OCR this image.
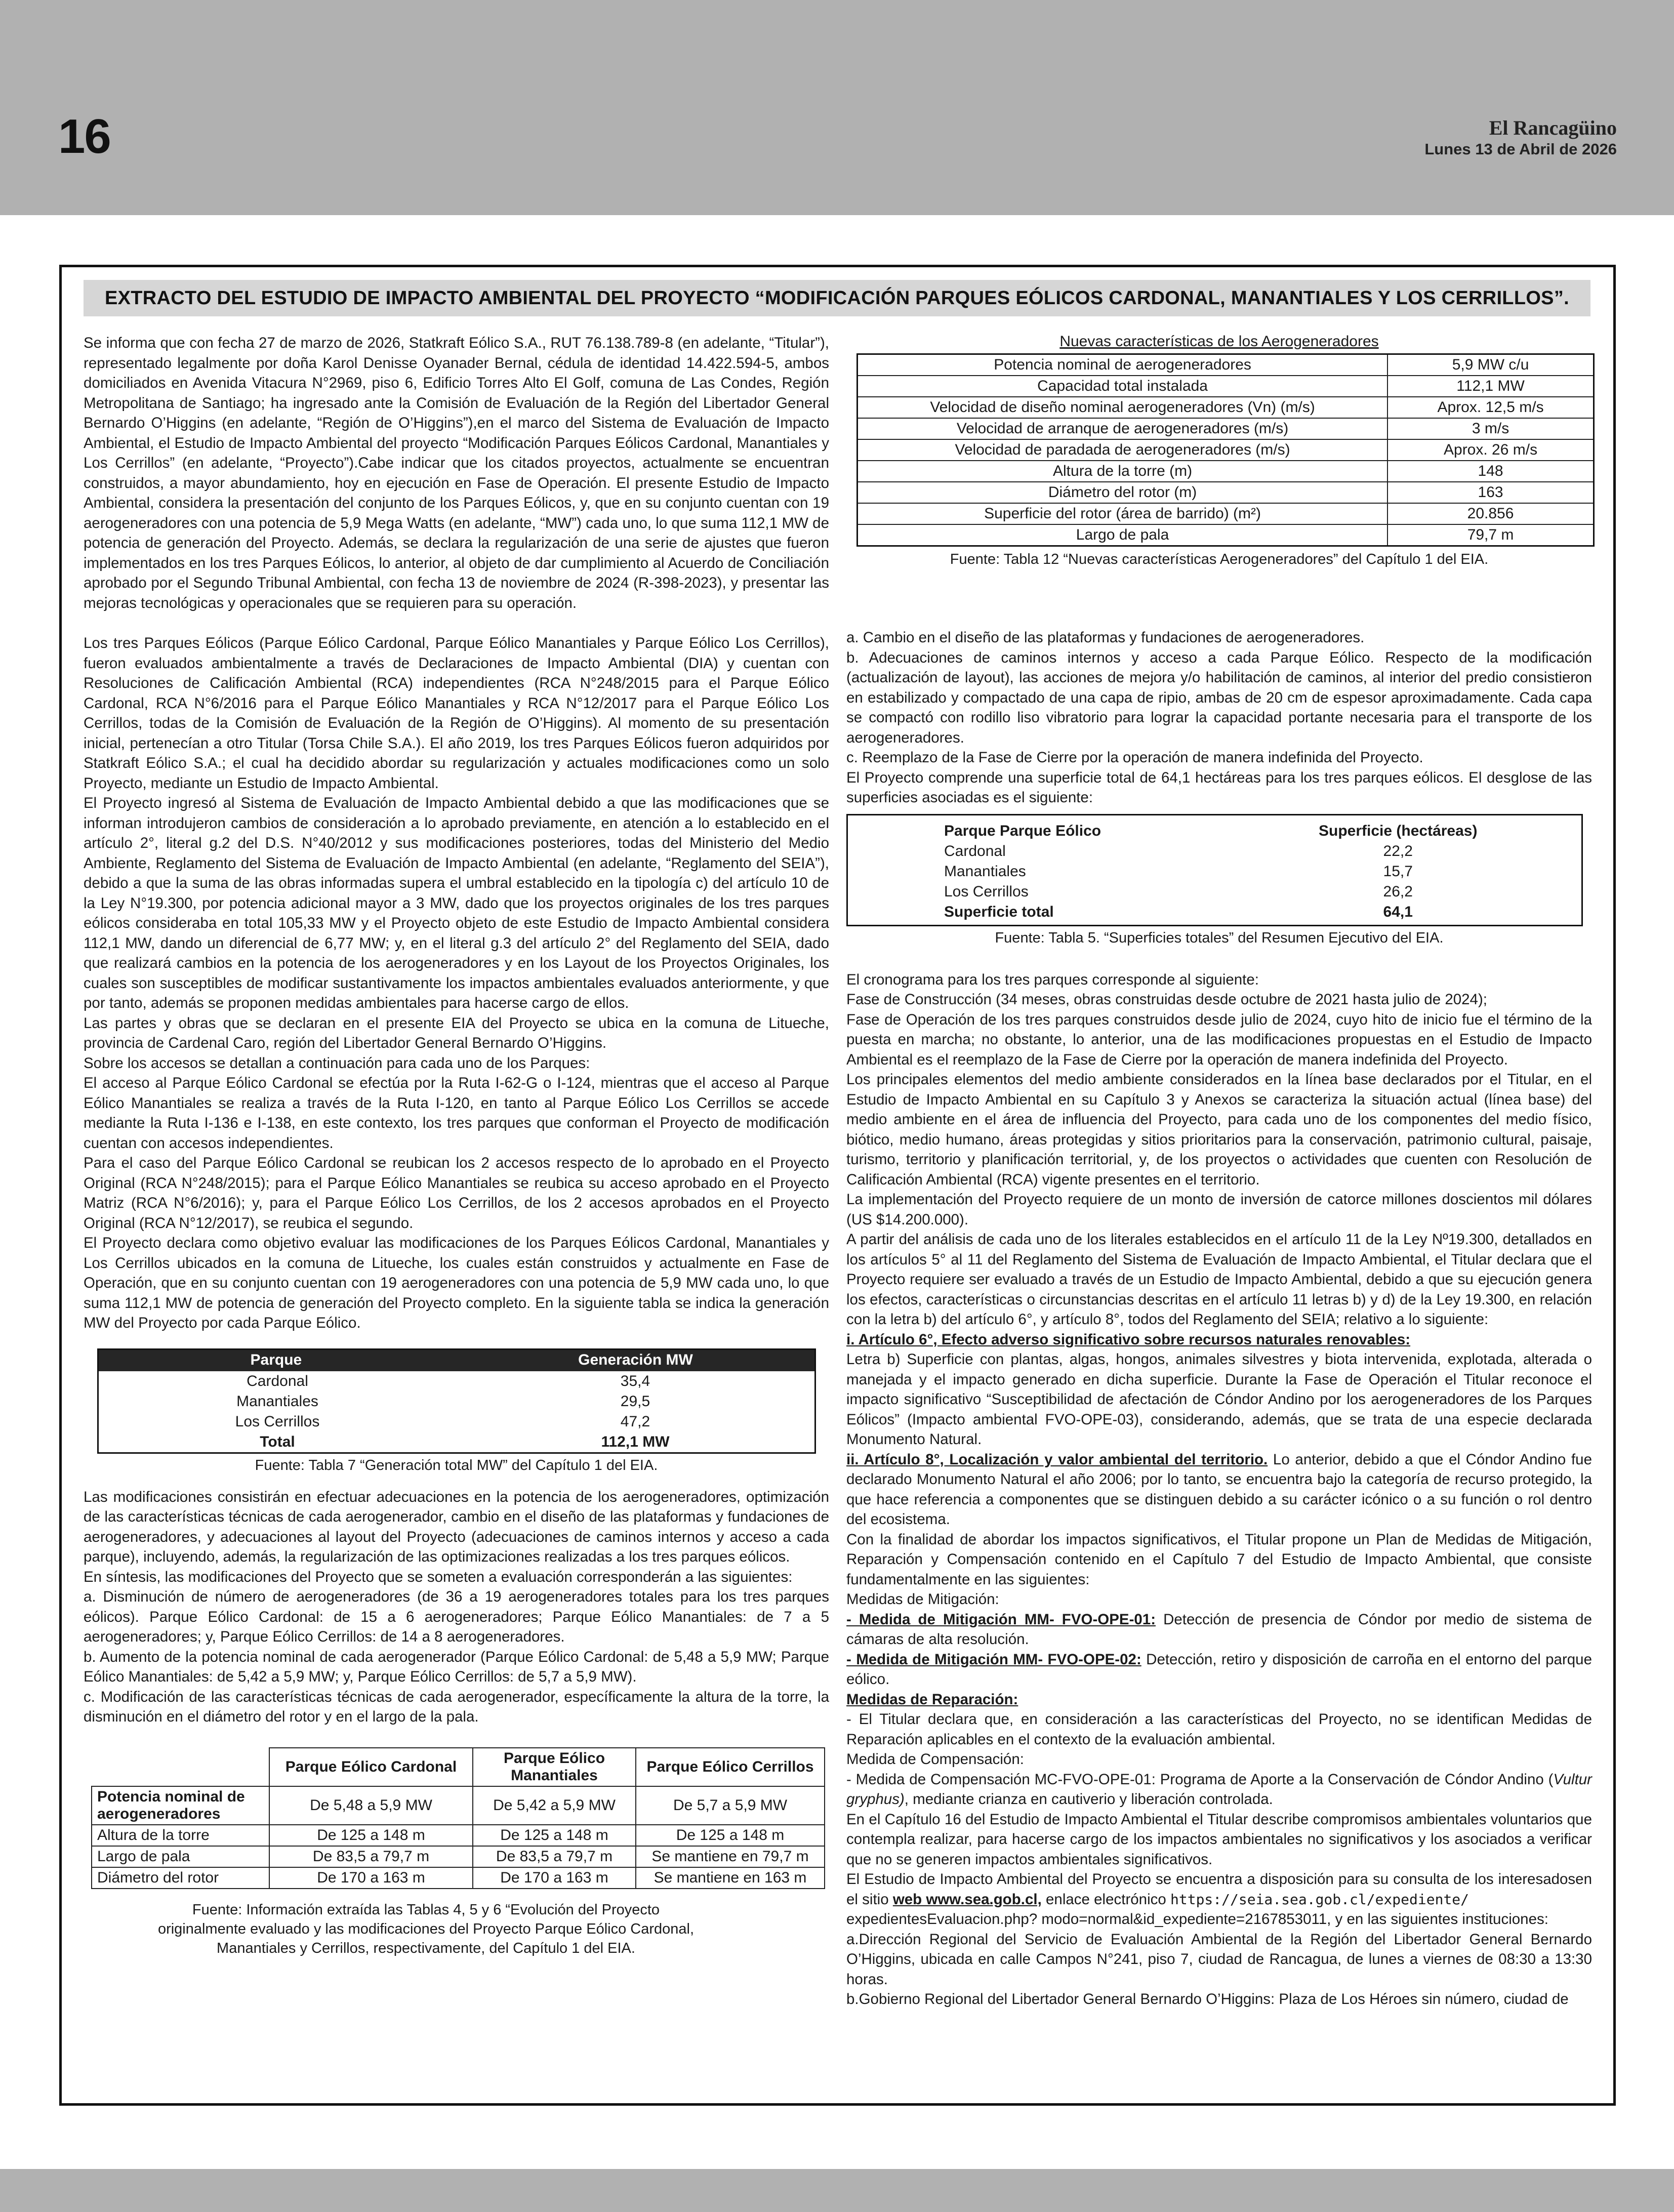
16	El Rancagüino
Lunes 13 de Abril de 2026
EXTRACTO DEL ESTUDIO DE IMPACTO AMBIENTAL DEL PROYECTO “MODIFICACIÓN PARQUES EÓLICOS CARDONAL, MANANTIALES Y LOS CERRILLOS”.

Se informa que con fecha 27 de marzo de 2026, Statkraft Eólico S.A., RUT 76.138.789-8 (en adelante, “Titular”), representado legalmente por doña Karol Denisse Oyanader Bernal, cédula de identidad 14.422.594-5, ambos domiciliados en Avenida Vitacura N°2969, piso 6, Edificio Torres Alto El Golf, comuna de Las Condes, Región Metropolitana de Santiago; ha ingresado ante la Comisión de Evaluación de la Región del Libertador General Bernardo O’Higgins (en adelante, “Región de O’Higgins”),en el marco del Sistema de Evaluación de Impacto Ambiental, el Estudio de Impacto Ambiental del proyecto “Modificación Parques Eólicos Cardonal, Manantiales y Los Cerrillos” (en adelante, “Proyecto”).Cabe indicar que los citados proyectos, actualmente se encuentran construidos, a mayor abundamiento, hoy en ejecución en Fase de Operación. El presente Estudio de Impacto Ambiental, considera la presentación del conjunto de los Parques Eólicos, y, que en su conjunto cuentan con 19 aerogeneradores con una potencia de 5,9 Mega Watts (en adelante, “MW”) cada uno, lo que suma 112,1 MW de potencia de generación del Proyecto. Además, se declara la regularización de una serie de ajustes que fueron implementados en los tres Parques Eólicos, lo anterior, al objeto de dar cumplimiento al Acuerdo de Conciliación aprobado por el Segundo Tribunal Ambiental, con fecha 13 de noviembre de 2024 (R-398-2023), y presentar las mejoras tecnológicas y operacionales que se requieren para su operación.

Los tres Parques Eólicos (Parque Eólico Cardonal, Parque Eólico Manantiales y Parque Eólico Los Cerrillos), fueron evaluados ambientalmente a través de Declaraciones de Impacto Ambiental (DIA) y cuentan con Resoluciones de Calificación Ambiental (RCA) independientes (RCA N°248/2015 para el Parque Eólico Cardonal, RCA N°6/2016 para el Parque Eólico Manantiales y RCA N°12/2017 para el Parque Eólico Los Cerrillos, todas de la Comisión de Evaluación de la Región de O’Higgins). Al momento de su presentación inicial, pertenecían a otro Titular (Torsa Chile S.A.). El año 2019, los tres Parques Eólicos fueron adquiridos por Statkraft Eólico S.A.; el cual ha decidido abordar su regularización y actuales modificaciones como un solo Proyecto, mediante un Estudio de Impacto Ambiental.

El Proyecto ingresó al Sistema de Evaluación de Impacto Ambiental debido a que las modificaciones que se informan introdujeron cambios de consideración a lo aprobado previamente, en atención a lo establecido en el artículo 2°, literal g.2 del D.S. N°40/2012 y sus modificaciones posteriores, todas del Ministerio del Medio Ambiente, Reglamento del Sistema de Evaluación de Impacto Ambiental (en adelante, “Reglamento del SEIA”), debido a que la suma de las obras informadas supera el umbral establecido en la tipología c) del artículo 10 de la Ley N°19.300, por potencia adicional mayor a 3 MW, dado que los proyectos originales de los tres parques eólicos consideraba en total 105,33 MW y el Proyecto objeto de este Estudio de Impacto Ambiental considera 112,1 MW, dando un diferencial de 6,77 MW; y, en el literal g.3 del artículo 2° del Reglamento del SEIA, dado que realizará cambios en la potencia de los aerogeneradores y en los Layout de los Proyectos Originales, los cuales son susceptibles de modificar sustantivamente los impactos ambientales evaluados anteriormente, y que por tanto, además se proponen medidas ambientales para hacerse cargo de ellos.

Las partes y obras que se declaran en el presente EIA del Proyecto se ubica en la comuna de Litueche, provincia de Cardenal Caro, región del Libertador General Bernardo O’Higgins.

Sobre los accesos se detallan a continuación para cada uno de los Parques:

El acceso al Parque Eólico Cardonal se efectúa por la Ruta I-62-G o I-124, mientras que el acceso al Parque Eólico Manantiales se realiza a través de la Ruta I-120, en tanto al Parque Eólico Los Cerrillos se accede mediante la Ruta I-136 e I-138, en este contexto, los tres parques que conforman el Proyecto de modificación cuentan con accesos independientes.

Para el caso del Parque Eólico Cardonal se reubican los 2 accesos respecto de lo aprobado en el Proyecto Original (RCA N°248/2015); para el Parque Eólico Manantiales se reubica su acceso aprobado en el Proyecto Matriz (RCA N°6/2016); y, para el Parque Eólico Los Cerrillos, de los 2 accesos aprobados en el Proyecto Original (RCA N°12/2017), se reubica el segundo.

El Proyecto declara como objetivo evaluar las modificaciones de los Parques Eólicos Cardonal, Manantiales y Los Cerrillos ubicados en la comuna de Litueche, los cuales están construidos y actualmente en Fase de Operación, que en su conjunto cuentan con 19 aerogeneradores con una potencia de 5,9 MW cada uno, lo que suma 112,1 MW de potencia de generación del Proyecto completo. En la siguiente tabla se indica la generación MW del Proyecto por cada Parque Eólico.

Parque	Generación MW
Cardonal	35,4
Manantiales	29,5
Los Cerrillos	47,2
Total	112,1 MW
Fuente: Tabla 7 “Generación total MW” del Capítulo 1 del EIA.

Las modificaciones consistirán en efectuar adecuaciones en la potencia de los aerogeneradores, optimización de las características técnicas de cada aerogenerador, cambio en el diseño de las plataformas y fundaciones de aerogeneradores, y adecuaciones al layout del Proyecto (adecuaciones de caminos internos y acceso a cada parque), incluyendo, además, la regularización de las optimizaciones realizadas a los tres parques eólicos.

En síntesis, las modificaciones del Proyecto que se someten a evaluación corresponderán a las siguientes:

a. Disminución de número de aerogeneradores (de 36 a 19 aerogeneradores totales para los tres parques eólicos). Parque Eólico Cardonal: de 15 a 6 aerogeneradores; Parque Eólico Manantiales: de 7 a 5 aerogeneradores; y, Parque Eólico Cerrillos: de 14 a 8 aerogeneradores.

b. Aumento de la potencia nominal de cada aerogenerador (Parque Eólico Cardonal: de 5,48 a 5,9 MW; Parque Eólico Manantiales: de 5,42 a 5,9 MW; y, Parque Eólico Cerrillos: de 5,7 a 5,9 MW).

c. Modificación de las características técnicas de cada aerogenerador, específicamente la altura de la torre, la disminución en el diámetro del rotor y en el largo de la pala.

	Parque Eólico Cardonal	Parque Eólico Manantiales	Parque Eólico Cerrillos
Potencia nominal de aerogeneradores	De 5,48 a 5,9 MW	De 5,42 a 5,9 MW	De 5,7 a 5,9 MW
Altura de la torre	De 125 a 148 m	De 125 a 148 m	De 125 a 148 m
Largo de pala	De 83,5 a 79,7 m	De 83,5 a 79,7 m	Se mantiene en 79,7 m
Diámetro del rotor	De 170 a 163 m	De 170 a 163 m	Se mantiene en 163 m
Fuente: Información extraída las Tablas 4, 5 y 6 “Evolución del Proyecto
originalmente evaluado y las modificaciones del Proyecto Parque Eólico Cardonal,
Manantiales y Cerrillos, respectivamente, del Capítulo 1 del EIA.
Nuevas características de los Aerogeneradores
Potencia nominal de aerogeneradores	5,9 MW c/u
Capacidad total instalada	112,1 MW
Velocidad de diseño nominal aerogeneradores (Vn) (m/s)	Aprox. 12,5 m/s
Velocidad de arranque de aerogeneradores (m/s)	3 m/s
Velocidad de paradada de aerogeneradores (m/s)	Aprox. 26 m/s
Altura de la torre (m)	148
Diámetro del rotor (m)	163
Superficie del rotor (área de barrido) (m²)	20.856
Largo de pala	79,7 m
Fuente: Tabla 12 “Nuevas características Aerogeneradores” del Capítulo 1 del EIA.

a. Cambio en el diseño de las plataformas y fundaciones de aerogeneradores.

b. Adecuaciones de caminos internos y acceso a cada Parque Eólico. Respecto de la modificación (actualización de layout), las acciones de mejora y/o habilitación de caminos, al interior del predio consistieron en estabilizado y compactado de una capa de ripio, ambas de 20 cm de espesor aproximadamente. Cada capa se compactó con rodillo liso vibratorio para lograr la capacidad portante necesaria para el transporte de los aerogeneradores.

c. Reemplazo de la Fase de Cierre por la operación de manera indefinida del Proyecto.

El Proyecto comprende una superficie total de 64,1 hectáreas para los tres parques eólicos. El desglose de las superficies asociadas es el siguiente:

Parque Parque Eólico	Superficie (hectáreas)
Cardonal	22,2
Manantiales	15,7
Los Cerrillos	26,2
Superficie total	64,1
Fuente: Tabla 5. “Superficies totales” del Resumen Ejecutivo del EIA.

El cronograma para los tres parques corresponde al siguiente:

Fase de Construcción (34 meses, obras construidas desde octubre de 2021 hasta julio de 2024);

Fase de Operación de los tres parques construidos desde julio de 2024, cuyo hito de inicio fue el término de la puesta en marcha; no obstante, lo anterior, una de las modificaciones propuestas en el Estudio de Impacto Ambiental es el reemplazo de la Fase de Cierre por la operación de manera indefinida del Proyecto.

Los principales elementos del medio ambiente considerados en la línea base declarados por el Titular, en el Estudio de Impacto Ambiental en su Capítulo 3 y Anexos se caracteriza la situación actual (línea base) del medio ambiente en el área de influencia del Proyecto, para cada uno de los componentes del medio físico, biótico, medio humano, áreas protegidas y sitios prioritarios para la conservación, patrimonio cultural, paisaje, turismo, territorio y planificación territorial, y, de los proyectos o actividades que cuenten con Resolución de Calificación Ambiental (RCA) vigente presentes en el territorio.

La implementación del Proyecto requiere de un monto de inversión de catorce millones doscientos mil dólares (US $14.200.000).

A partir del análisis de cada uno de los literales establecidos en el artículo 11 de la Ley Nº19.300, detallados en los artículos 5° al 11 del Reglamento del Sistema de Evaluación de Impacto Ambiental, el Titular declara que el Proyecto requiere ser evaluado a través de un Estudio de Impacto Ambiental, debido a que su ejecución genera los efectos, características o circunstancias descritas en el artículo 11 letras b) y d) de la Ley 19.300, en relación con la letra b) del artículo 6°, y artículo 8°, todos del Reglamento del SEIA; relativo a lo siguiente:

i. Artículo 6°, Efecto adverso significativo sobre recursos naturales renovables:

Letra b) Superficie con plantas, algas, hongos, animales silvestres y biota intervenida, explotada, alterada o manejada y el impacto generado en dicha superficie. Durante la Fase de Operación el Titular reconoce el impacto significativo “Susceptibilidad de afectación de Cóndor Andino por los aerogeneradores de los Parques Eólicos” (Impacto ambiental FVO-OPE-03), considerando, además, que se trata de una especie declarada Monumento Natural.

ii. Artículo 8°, Localización y valor ambiental del territorio. Lo anterior, debido a que el Cóndor Andino fue declarado Monumento Natural el año 2006; por lo tanto, se encuentra bajo la categoría de recurso protegido, la que hace referencia a componentes que se distinguen debido a su carácter icónico o a su función o rol dentro del ecosistema.

Con la finalidad de abordar los impactos significativos, el Titular propone un Plan de Medidas de Mitigación, Reparación y Compensación contenido en el Capítulo 7 del Estudio de Impacto Ambiental, que consiste fundamentalmente en las siguientes:

Medidas de Mitigación:

- Medida de Mitigación MM- FVO-OPE-01: Detección de presencia de Cóndor por medio de sistema de cámaras de alta resolución.

- Medida de Mitigación MM- FVO-OPE-02: Detección, retiro y disposición de carroña en el entorno del parque eólico.

Medidas de Reparación:

- El Titular declara que, en consideración a las características del Proyecto, no se identifican Medidas de Reparación aplicables en el contexto de la evaluación ambiental.

Medida de Compensación:

- Medida de Compensación MC-FVO-OPE-01: Programa de Aporte a la Conservación de Cóndor Andino (Vultur gryphus), mediante crianza en cautiverio y liberación controlada.

En el Capítulo 16 del Estudio de Impacto Ambiental el Titular describe compromisos ambientales voluntarios que contempla realizar, para hacerse cargo de los impactos ambientales no significativos y los asociados a verificar que no se generen impactos ambientales significativos.

El Estudio de Impacto Ambiental del Proyecto se encuentra a disposición para su consulta de los interesadosen el sitio web www.sea.gob.cl, enlace electrónico https://seia.sea.gob.cl/expediente/
expedientesEvaluacion.php? modo=normal&id_expediente=2167853011, y en las siguientes instituciones:

a.Dirección Regional del Servicio de Evaluación Ambiental de la Región del Libertador General Bernardo O’Higgins, ubicada en calle Campos N°241, piso 7, ciudad de Rancagua, de lunes a viernes de 08:30 a 13:30 horas.

b.Gobierno Regional del Libertador General Bernardo O’Higgins: Plaza de Los Héroes sin número, ciudad de
